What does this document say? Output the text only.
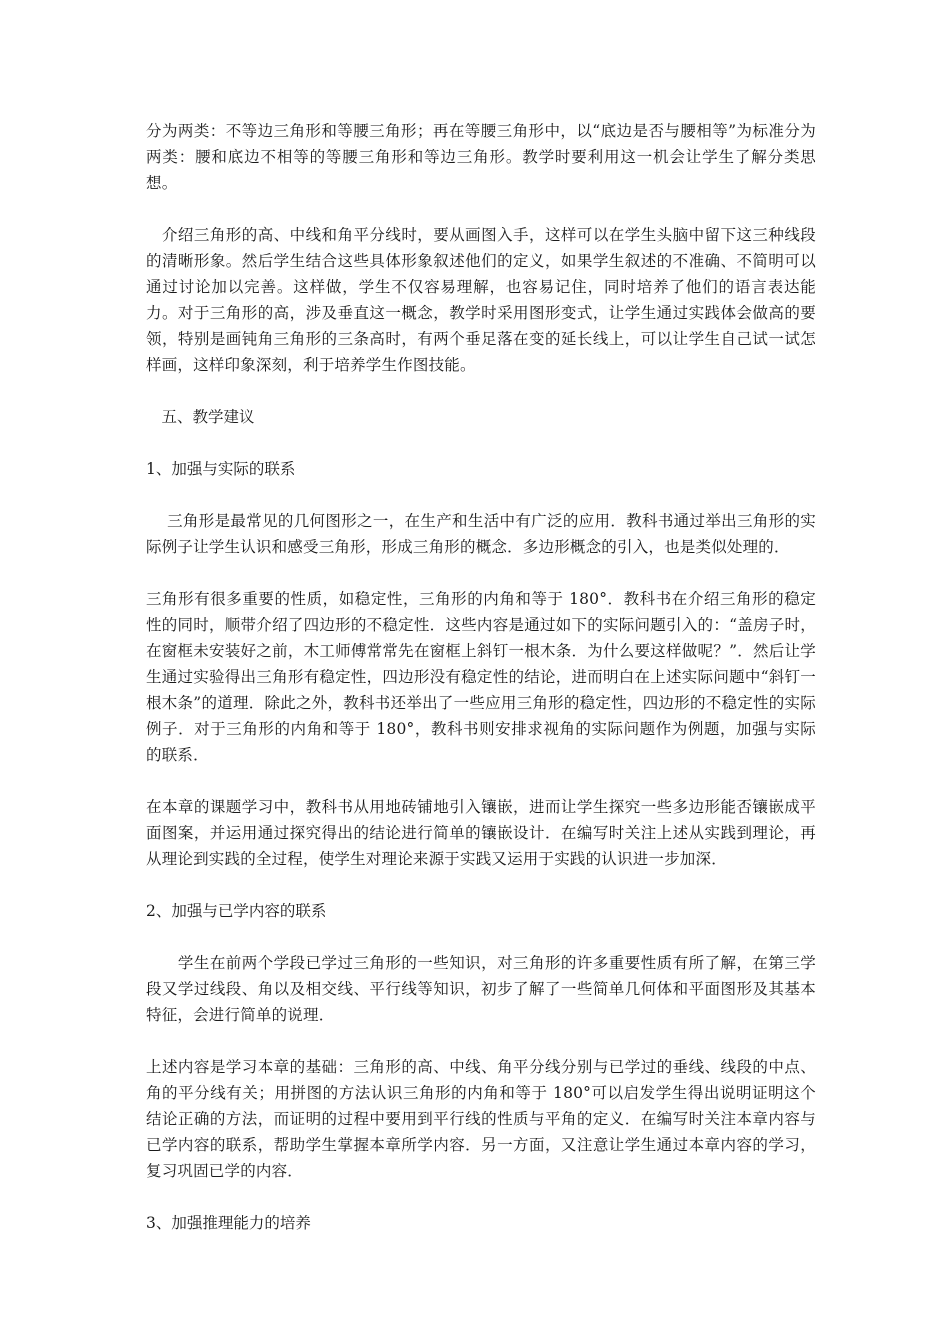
分为两类：不等边三角形和等腰三角形；再在等腰三角形中，以“底边是否与腰相等”为标准分为两类：腰和底边不相等的等腰三角形和等边三角形。教学时要利用这一机会让学生了解分类思想。

　介绍三角形的高、中线和角平分线时，要从画图入手，这样可以在学生头脑中留下这三种线段的清晰形象。然后学生结合这些具体形象叙述他们的定义，如果学生叙述的不准确、不简明可以通过讨论加以完善。这样做，学生不仅容易理解，也容易记住，同时培养了他们的语言表达能力。对于三角形的高，涉及垂直这一概念，教学时采用图形变式，让学生通过实践体会做高的要领，特别是画钝角三角形的三条高时，有两个垂足落在变的延长线上，可以让学生自己试一试怎样画，这样印象深刻，利于培养学生作图技能。

　五、教学建议

1、加强与实际的联系

　 三角形是最常见的几何图形之一，在生产和生活中有广泛的应用．教科书通过举出三角形的实际例子让学生认识和感受三角形，形成三角形的概念．多边形概念的引入，也是类似处理的．

三角形有很多重要的性质，如稳定性，三角形的内角和等于 180°．教科书在介绍三角形的稳定性的同时，顺带介绍了四边形的不稳定性．这些内容是通过如下的实际问题引入的：“盖房子时，在窗框未安装好之前，木工师傅常常先在窗框上斜钉一根木条．为什么要这样做呢？”．然后让学生通过实验得出三角形有稳定性，四边形没有稳定性的结论，进而明白在上述实际问题中“斜钉一根木条”的道理．除此之外，教科书还举出了一些应用三角形的稳定性，四边形的不稳定性的实际例子．对于三角形的内角和等于 180°，教科书则安排求视角的实际问题作为例题，加强与实际的联系．

在本章的课题学习中，教科书从用地砖铺地引入镶嵌，进而让学生探究一些多边形能否镶嵌成平面图案，并运用通过探究得出的结论进行简单的镶嵌设计．在编写时关注上述从实践到理论，再从理论到实践的全过程，使学生对理论来源于实践又运用于实践的认识进一步加深．

2、加强与已学内容的联系

　　学生在前两个学段已学过三角形的一些知识，对三角形的许多重要性质有所了解，在第三学段又学过线段、角以及相交线、平行线等知识，初步了解了一些简单几何体和平面图形及其基本特征，会进行简单的说理．

上述内容是学习本章的基础：三角形的高、中线、角平分线分别与已学过的垂线、线段的中点、角的平分线有关；用拼图的方法认识三角形的内角和等于 180°可以启发学生得出说明证明这个结论正确的方法，而证明的过程中要用到平行线的性质与平角的定义．在编写时关注本章内容与已学内容的联系，帮助学生掌握本章所学内容．另一方面，又注意让学生通过本章内容的学习，复习巩固已学的内容．

3、加强推理能力的培养
